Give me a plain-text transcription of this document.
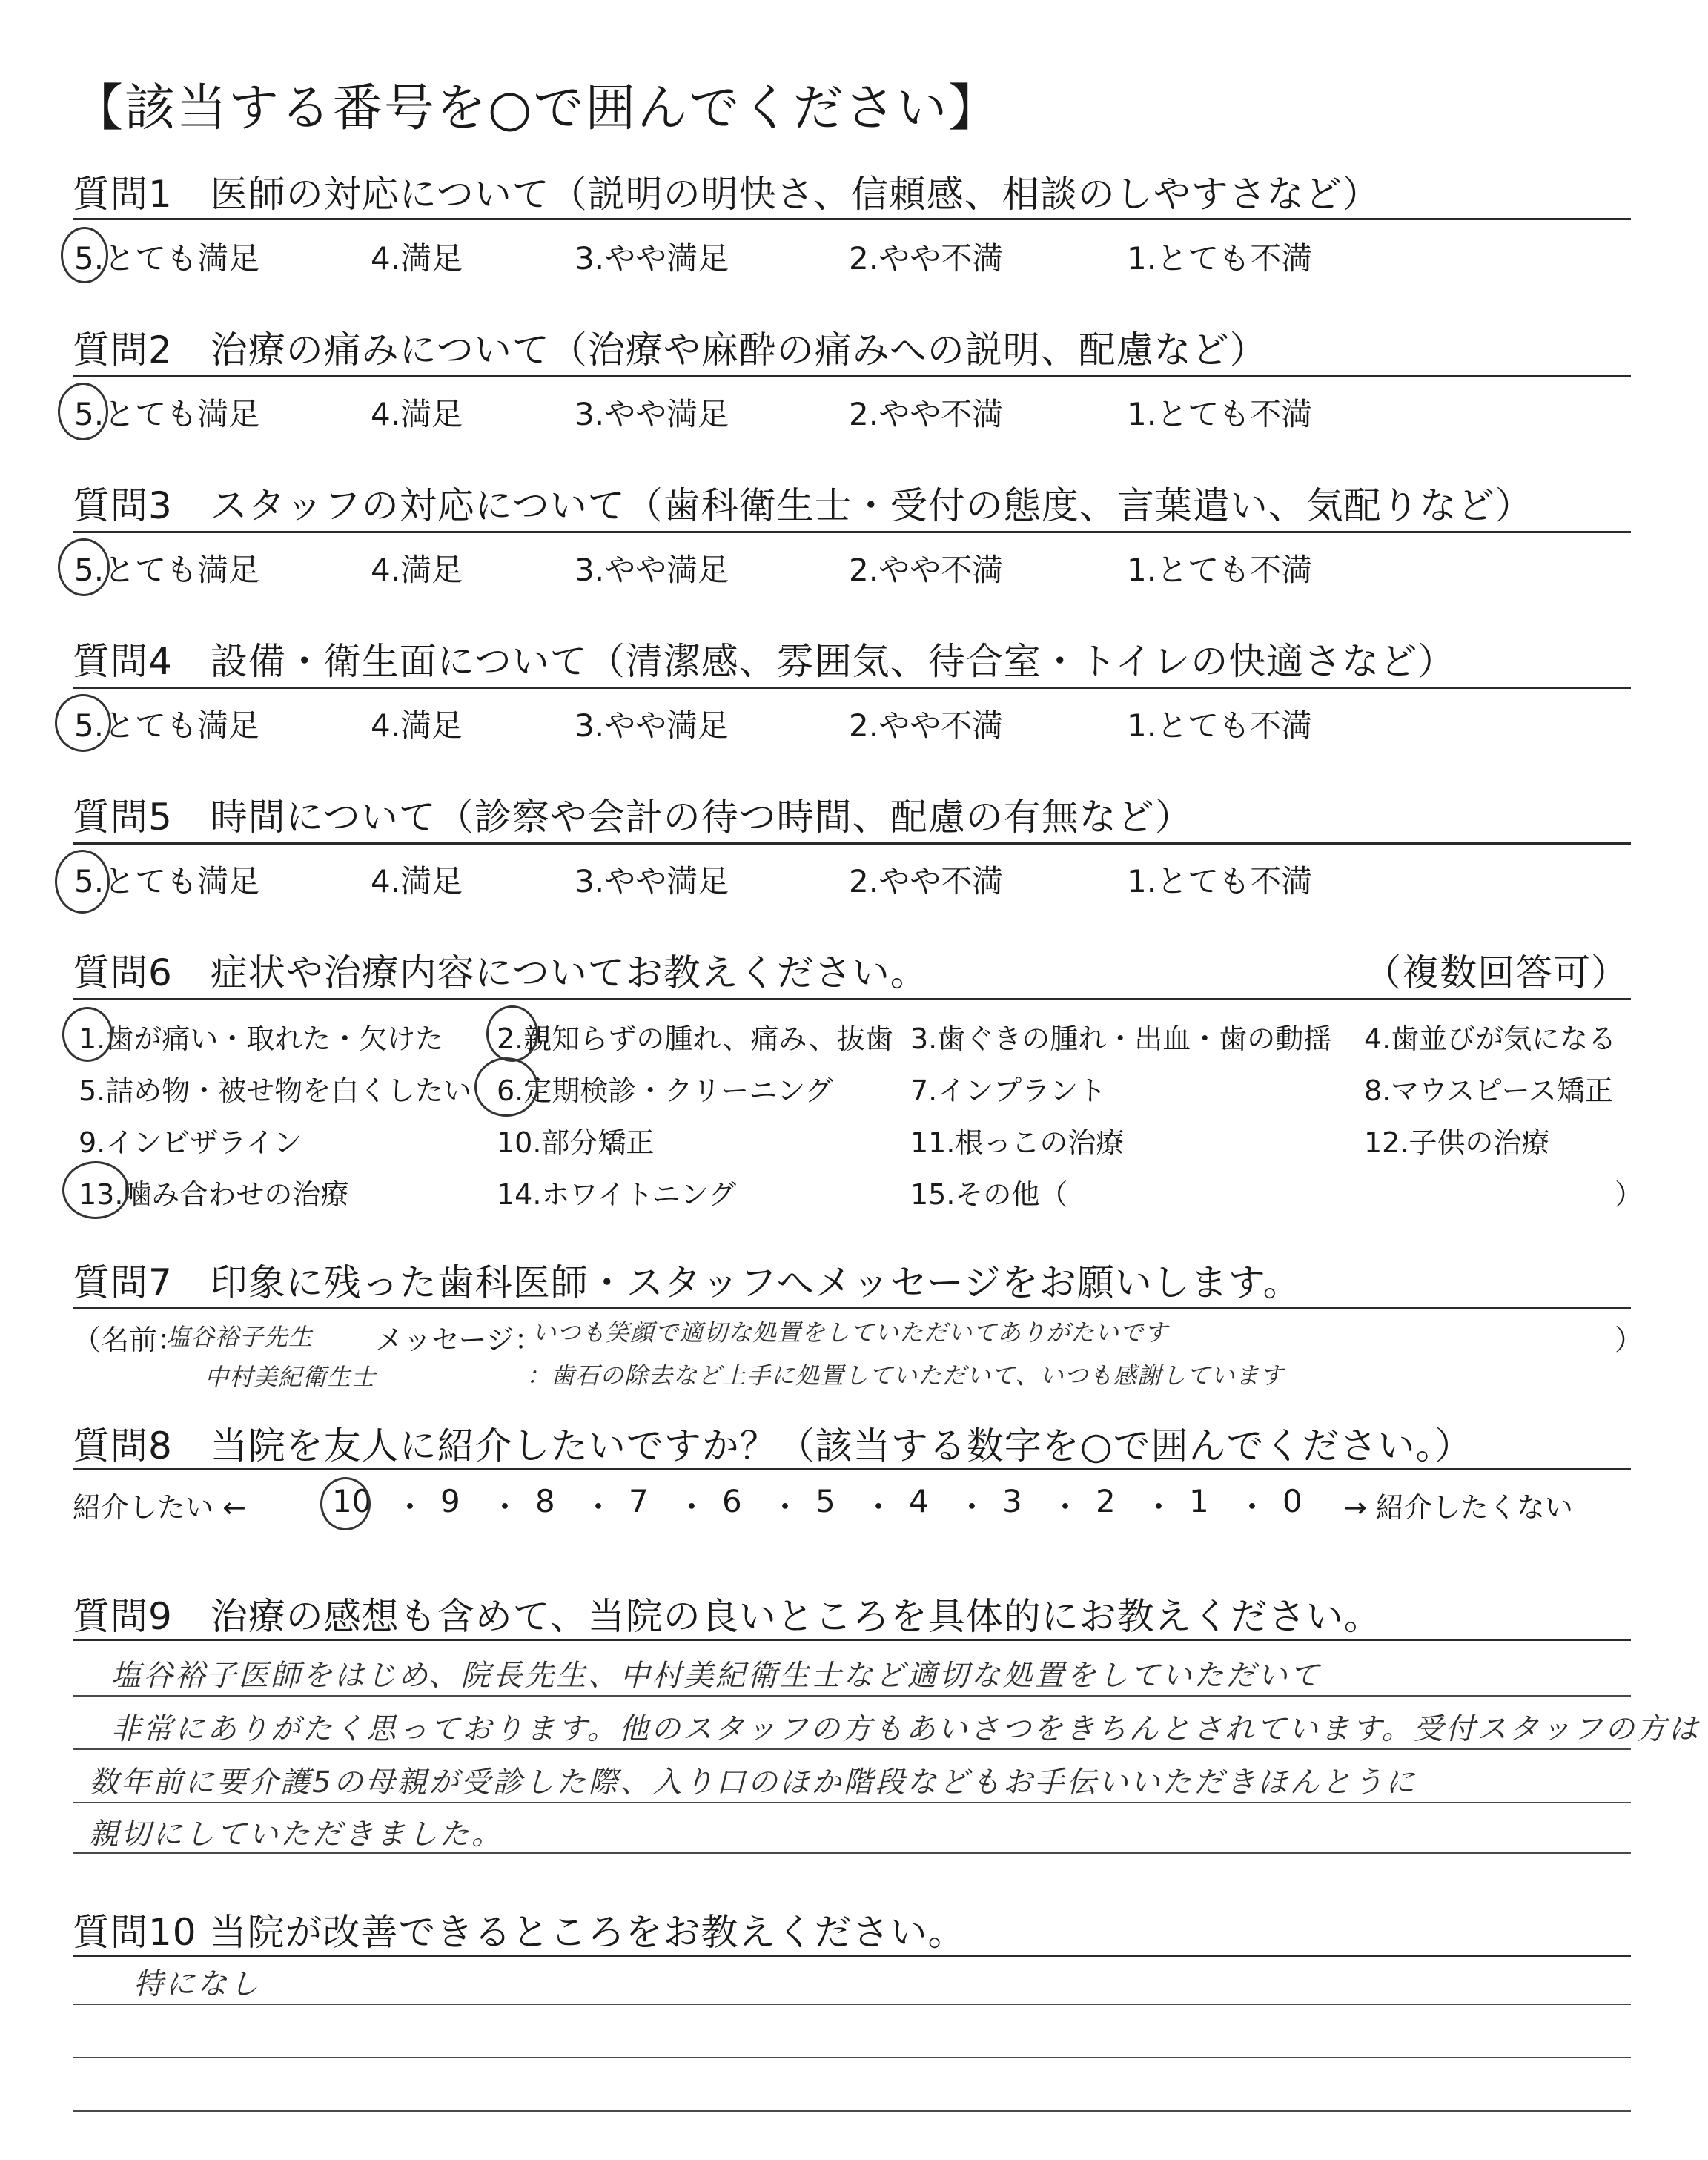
【該当する番号を○で囲んでください】
質問1　医師の対応について（説明の明快さ、信頼感、相談のしやすさなど）
5.とても満足	4.満足	3.やや満足	2.やや不満	1.とても不満
質問2　治療の痛みについて（治療や麻酔の痛みへの説明、配慮など）
5.とても満足	4.満足	3.やや満足	2.やや不満	1.とても不満
質問3　スタッフの対応について（歯科衛生士・受付の態度、言葉遣い、気配りなど）
5.とても満足	4.満足	3.やや満足	2.やや不満	1.とても不満
質問4　設備・衛生面について（清潔感、雰囲気、待合室・トイレの快適さなど）
5.とても満足	4.満足	3.やや満足	2.やや不満	1.とても不満
質問5　時間について（診察や会計の待つ時間、配慮の有無など）
5.とても満足	4.満足	3.やや満足	2.やや不満	1.とても不満
質問6　症状や治療内容についてお教えください。	（複数回答可）
1.歯が痛い・取れた・欠けた 2.親知らずの腫れ、痛み、抜歯 3.歯ぐきの腫れ・出血・歯の動揺 4.歯並びが気になる
5.詰め物・被せ物を白くしたい 6.定期検診・クリーニング	7.インプラント	8.マウスピース矯正
9.インビザライン	10.部分矯正	11.根っこの治療	12.子供の治療
13.噛み合わせの治療	14.ホワイトニング	15.その他（	）
質問7　印象に残った歯科医師・スタッフへメッセージをお願いします。
（名前：
塩谷裕子先生 メッセージ：
いつも笑顔で適切な処置をしていただいてありがたいです	）
中村美紀衛生士	：歯石の除去など上手に処置していただいて、いつも感謝しています
質問8　当院を友人に紹介したいですか？（該当する数字を○で囲んでください。）
紹介したい ←	10 ・ 9 ・ 8 ・ 7 ・ 6 ・ 5 ・ 4 ・ 3 ・ 2 ・ 1 ・ 0 → 紹介したくない
質問9　治療の感想も含めて、当院の良いところを具体的にお教えください。
塩谷裕子医師をはじめ、院長先生、中村美紀衛生士など適切な処置をしていただいて
非常にありがたく思っております。他のスタッフの方もあいさつをきちんとされています。受付スタッフの方は
数年前に要介護5の母親が受診した際、入り口のほか階段などもお手伝いいただきほんとうに
親切にしていただきました。
質問10 当院が改善できるところをお教えください。
特になし
